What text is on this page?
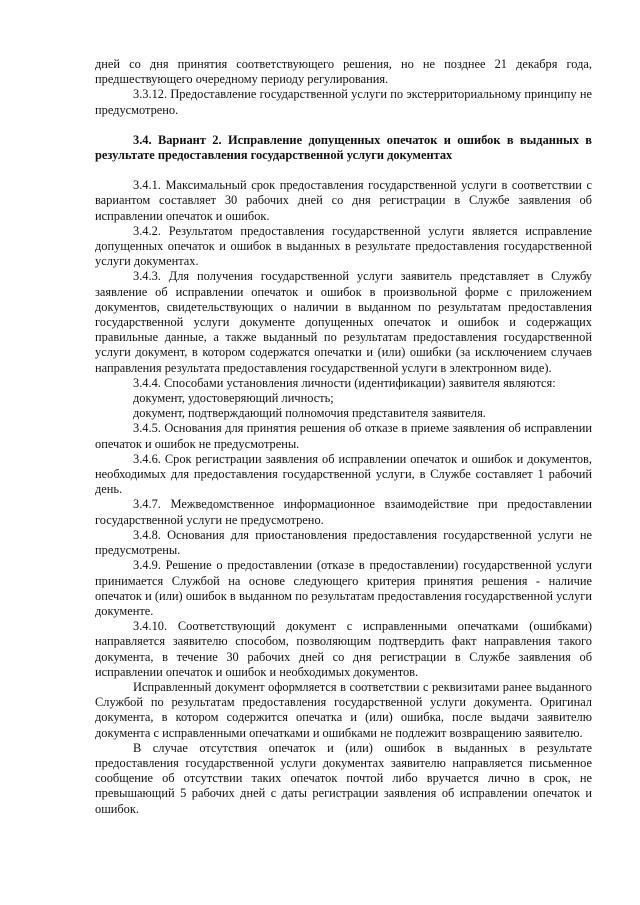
дней со дня принятия соответствующего решения, но не позднее 21 декабря года, предшествующего очередному периоду регулирования.

3.3.12. Предоставление государственной услуги по экстерриториальному принципу не предусмотрено.

3.4. Вариант 2. Исправление допущенных опечаток и ошибок в выданных в результате предоставления государственной услуги документах

3.4.1. Максимальный срок предоставления государственной услуги в соответствии с вариантом составляет 30 рабочих дней со дня регистрации в Службе заявления об исправлении опечаток и ошибок.

3.4.2. Результатом предоставления государственной услуги является исправление допущенных опечаток и ошибок в выданных в результате предоставления государственной услуги документах.

3.4.3. Для получения государственной услуги заявитель представляет в Службу заявление об исправлении опечаток и ошибок в произвольной форме с приложением документов, свидетельствующих о наличии в выданном по результатам предоставления государственной услуги документе допущенных опечаток и ошибок и содержащих правильные данные, а также выданный по результатам предоставления государственной услуги документ, в котором содержатся опечатки и (или) ошибки (за исключением случаев направления результата предоставления государственной услуги в электронном виде).

3.4.4. Способами установления личности (идентификации) заявителя являются:

документ, удостоверяющий личность;

документ, подтверждающий полномочия представителя заявителя.

3.4.5. Основания для принятия решения об отказе в приеме заявления об исправлении опечаток и ошибок не предусмотрены.

3.4.6. Срок регистрации заявления об исправлении опечаток и ошибок и документов, необходимых для предоставления государственной услуги, в Службе составляет 1 рабочий день.

3.4.7. Межведомственное информационное взаимодействие при предоставлении государственной услуги не предусмотрено.

3.4.8. Основания для приостановления предоставления государственной услуги не предусмотрены.

3.4.9. Решение о предоставлении (отказе в предоставлении) государственной услуги принимается Службой на основе следующего критерия принятия решения - наличие опечаток и (или) ошибок в выданном по результатам предоставления государственной услуги документе.

3.4.10. Соответствующий документ с исправленными опечатками (ошибками) направляется заявителю способом, позволяющим подтвердить факт направления такого документа, в течение 30 рабочих дней со дня регистрации в Службе заявления об исправлении опечаток и ошибок и необходимых документов.

Исправленный документ оформляется в соответствии с реквизитами ранее выданного Службой по результатам предоставления государственной услуги документа. Оригинал документа, в котором содержится опечатка и (или) ошибка, после выдачи заявителю документа с исправленными опечатками и ошибками не подлежит возвращению заявителю.

В случае отсутствия опечаток и (или) ошибок в выданных в результате предоставления государственной услуги документах заявителю направляется письменное сообщение об отсутствии таких опечаток почтой либо вручается лично в срок, не превышающий 5 рабочих дней с даты регистрации заявления об исправлении опечаток и ошибок.
